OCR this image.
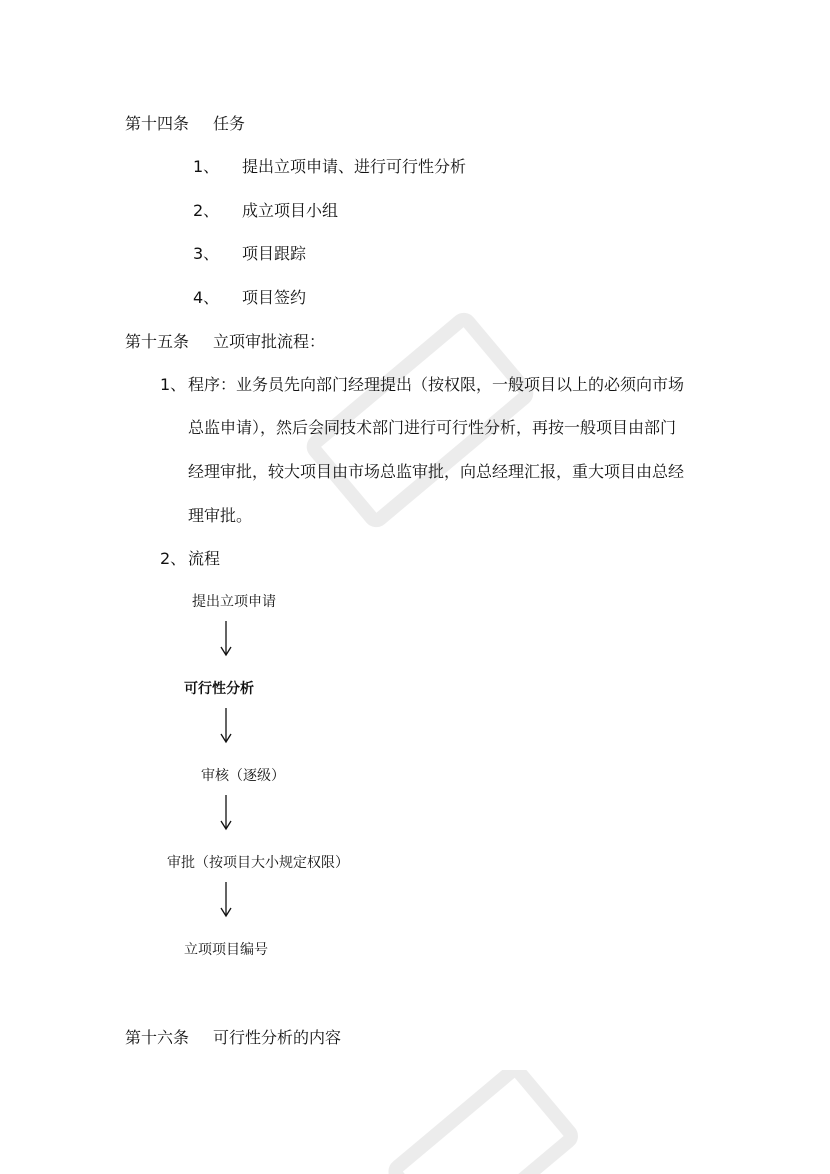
第十四条 任务
1、 提出立项申请、进行可行性分析
2、 成立项目小组
3、 项目跟踪
4、 项目签约
第十五条 立项审批流程：
1、 程序：业务员先向部门经理提出（按权限，一般项目以上的必须向市场
总监申请），然后会同技术部门进行可行性分析，再按一般项目由部门
经理审批，较大项目由市场总监审批，向总经理汇报，重大项目由总经
理审批。
2、 流程
提出立项申请
可行性分析
审核（逐级）
审批（按项目大小规定权限）
立项项目编号
第十六条 可行性分析的内容
